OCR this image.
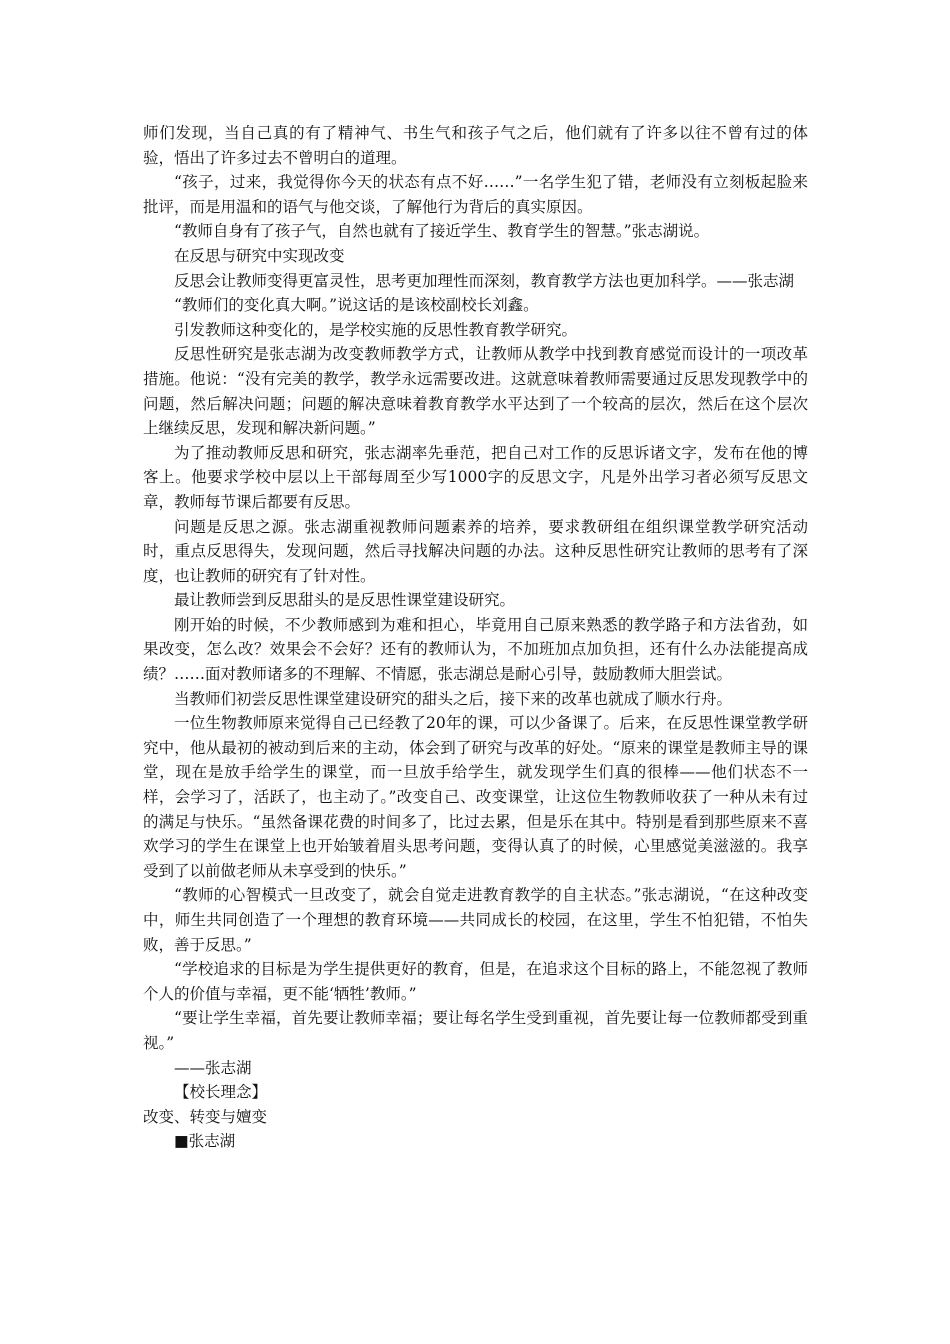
师们发现，当自己真的有了精神气、书生气和孩子气之后，他们就有了许多以往不曾有过的体验，悟出了许多过去不曾明白的道理。

“孩子，过来，我觉得你今天的状态有点不好……”一名学生犯了错，老师没有立刻板起脸来批评，而是用温和的语气与他交谈，了解他行为背后的真实原因。

“教师自身有了孩子气，自然也就有了接近学生、教育学生的智慧。”张志湖说。

在反思与研究中实现改变

反思会让教师变得更富灵性，思考更加理性而深刻，教育教学方法也更加科学。——张志湖

“教师们的变化真大啊。”说这话的是该校副校长刘鑫。

引发教师这种变化的，是学校实施的反思性教育教学研究。

反思性研究是张志湖为改变教师教学方式，让教师从教学中找到教育感觉而设计的一项改革措施。他说：“没有完美的教学，教学永远需要改进。这就意味着教师需要通过反思发现教学中的问题，然后解决问题；问题的解决意味着教育教学水平达到了一个较高的层次，然后在这个层次上继续反思，发现和解决新问题。”

为了推动教师反思和研究，张志湖率先垂范，把自己对工作的反思诉诸文字，发布在他的博客上。他要求学校中层以上干部每周至少写1000字的反思文字，凡是外出学习者必须写反思文章，教师每节课后都要有反思。

问题是反思之源。张志湖重视教师问题素养的培养，要求教研组在组织课堂教学研究活动时，重点反思得失，发现问题，然后寻找解决问题的办法。这种反思性研究让教师的思考有了深度，也让教师的研究有了针对性。

最让教师尝到反思甜头的是反思性课堂建设研究。

刚开始的时候，不少教师感到为难和担心，毕竟用自己原来熟悉的教学路子和方法省劲，如果改变，怎么改？效果会不会好？还有的教师认为，不加班加点加负担，还有什么办法能提高成绩？……面对教师诸多的不理解、不情愿，张志湖总是耐心引导，鼓励教师大胆尝试。

当教师们初尝反思性课堂建设研究的甜头之后，接下来的改革也就成了顺水行舟。

一位生物教师原来觉得自己已经教了20年的课，可以少备课了。后来，在反思性课堂教学研究中，他从最初的被动到后来的主动，体会到了研究与改革的好处。“原来的课堂是教师主导的课堂，现在是放手给学生的课堂，而一旦放手给学生，就发现学生们真的很棒——他们状态不一样，会学习了，活跃了，也主动了。”改变自己、改变课堂，让这位生物教师收获了一种从未有过的满足与快乐。“虽然备课花费的时间多了，比过去累，但是乐在其中。特别是看到那些原来不喜欢学习的学生在课堂上也开始皱着眉头思考问题，变得认真了的时候，心里感觉美滋滋的。我享受到了以前做老师从未享受到的快乐。”

“教师的心智模式一旦改变了，就会自觉走进教育教学的自主状态。”张志湖说，“在这种改变中，师生共同创造了一个理想的教育环境——共同成长的校园，在这里，学生不怕犯错，不怕失败，善于反思。”

“学校追求的目标是为学生提供更好的教育，但是，在追求这个目标的路上，不能忽视了教师个人的价值与幸福，更不能‘牺牲’教师。”

“要让学生幸福，首先要让教师幸福；要让每名学生受到重视，首先要让每一位教师都受到重视。”

——张志湖

【校长理念】

改变、转变与嬗变

■张志湖
